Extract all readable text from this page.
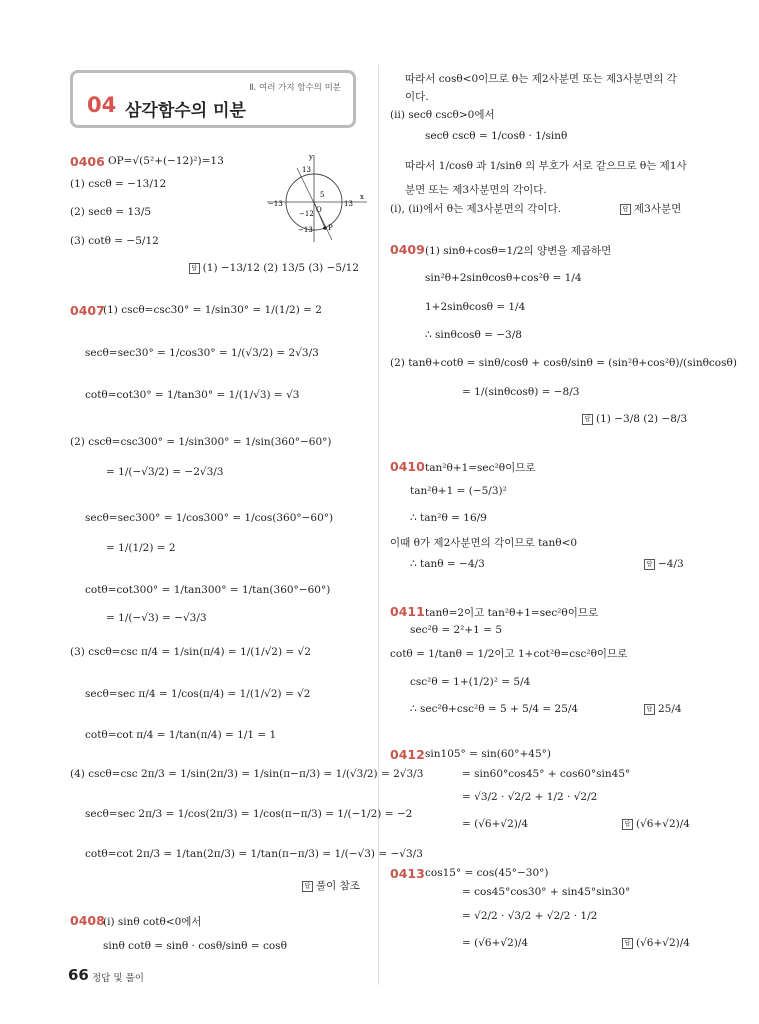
Ⅱ. 여러 가지 함수의 미분
04 삼각함수의 미분
0406 OP=√(5²+(−12)²)=13
(1) cscθ = −13/12
(2) secθ = 13/5
(3) cotθ = −5/12
y
13
5
−13
O
−12
13
x
−13 P
답 (1) −13/12 (2) 13/5 (3) −5/12
0407
(1) cscθ=csc30° = 1/sin30° = 1/(1/2) = 2
secθ=sec30° = 1/cos30° = 1/(√3/2) = 2√3/3
cotθ=cot30° = 1/tan30° = 1/(1/√3) = √3
(2) cscθ=csc300° = 1/sin300° = 1/sin(360°−60°)
= 1/(−√3/2) = −2√3/3
secθ=sec300° = 1/cos300° = 1/cos(360°−60°)
= 1/(1/2) = 2
cotθ=cot300° = 1/tan300° = 1/tan(360°−60°)
= 1/(−√3) = −√3/3
(3) cscθ=csc π/4 = 1/sin(π/4) = 1/(1/√2) = √2
secθ=sec π/4 = 1/cos(π/4) = 1/(1/√2) = √2
cotθ=cot π/4 = 1/tan(π/4) = 1/1 = 1
(4) cscθ=csc 2π/3 = 1/sin(2π/3) = 1/sin(π−π/3) = 1/(√3/2) = 2√3/3
secθ=sec 2π/3 = 1/cos(2π/3) = 1/cos(π−π/3) = 1/(−1/2) = −2
cotθ=cot 2π/3 = 1/tan(2π/3) = 1/tan(π−π/3) = 1/(−√3) = −√3/3
답 풀이 참조
0408
(ⅰ) sinθ cotθ<0에서
sinθ cotθ = sinθ · cosθ/sinθ = cosθ
따라서 cosθ<0이므로 θ는 제2사분면 또는 제3사분면의 각
이다.
(ⅱ) secθ cscθ>0에서
secθ cscθ = 1/cosθ · 1/sinθ
따라서 1/cosθ 과 1/sinθ 의 부호가 서로 같으므로 θ는 제1사
분면 또는 제3사분면의 각이다.
(ⅰ), (ⅱ)에서 θ는 제3사분면의 각이다.	답 제3사분면
0409 (1) sinθ+cosθ=1/2의 양변을 제곱하면
sin²θ+2sinθcosθ+cos²θ = 1/4
1+2sinθcosθ = 1/4
∴ sinθcosθ = −3/8
(2) tanθ+cotθ = sinθ/cosθ + cosθ/sinθ = (sin²θ+cos²θ)/(sinθcosθ)
= 1/(sinθcosθ) = −8/3
답 (1) −3/8 (2) −8/3
0410 tan²θ+1=sec²θ이므로
tan²θ+1 = (−5/3)²
∴ tan²θ = 16/9
이때 θ가 제2사분면의 각이므로 tanθ<0
∴ tanθ = −4/3	답 −4/3
0411 tanθ=2이고 tan²θ+1=sec²θ이므로
sec²θ = 2²+1 = 5
cotθ = 1/tanθ = 1/2이고 1+cot²θ=csc²θ이므로
csc²θ = 1+(1/2)² = 5/4
∴ sec²θ+csc²θ = 5 + 5/4 = 25/4	답 25/4
0412 sin105° = sin(60°+45°)
= sin60°cos45° + cos60°sin45°
= √3/2 · √2/2 + 1/2 · √2/2
= (√6+√2)/4	답 (√6+√2)/4
0413 cos15° = cos(45°−30°)
= cos45°cos30° + sin45°sin30°
= √2/2 · √3/2 + √2/2 · 1/2
= (√6+√2)/4	답 (√6+√2)/4
66 정답 및 풀이
